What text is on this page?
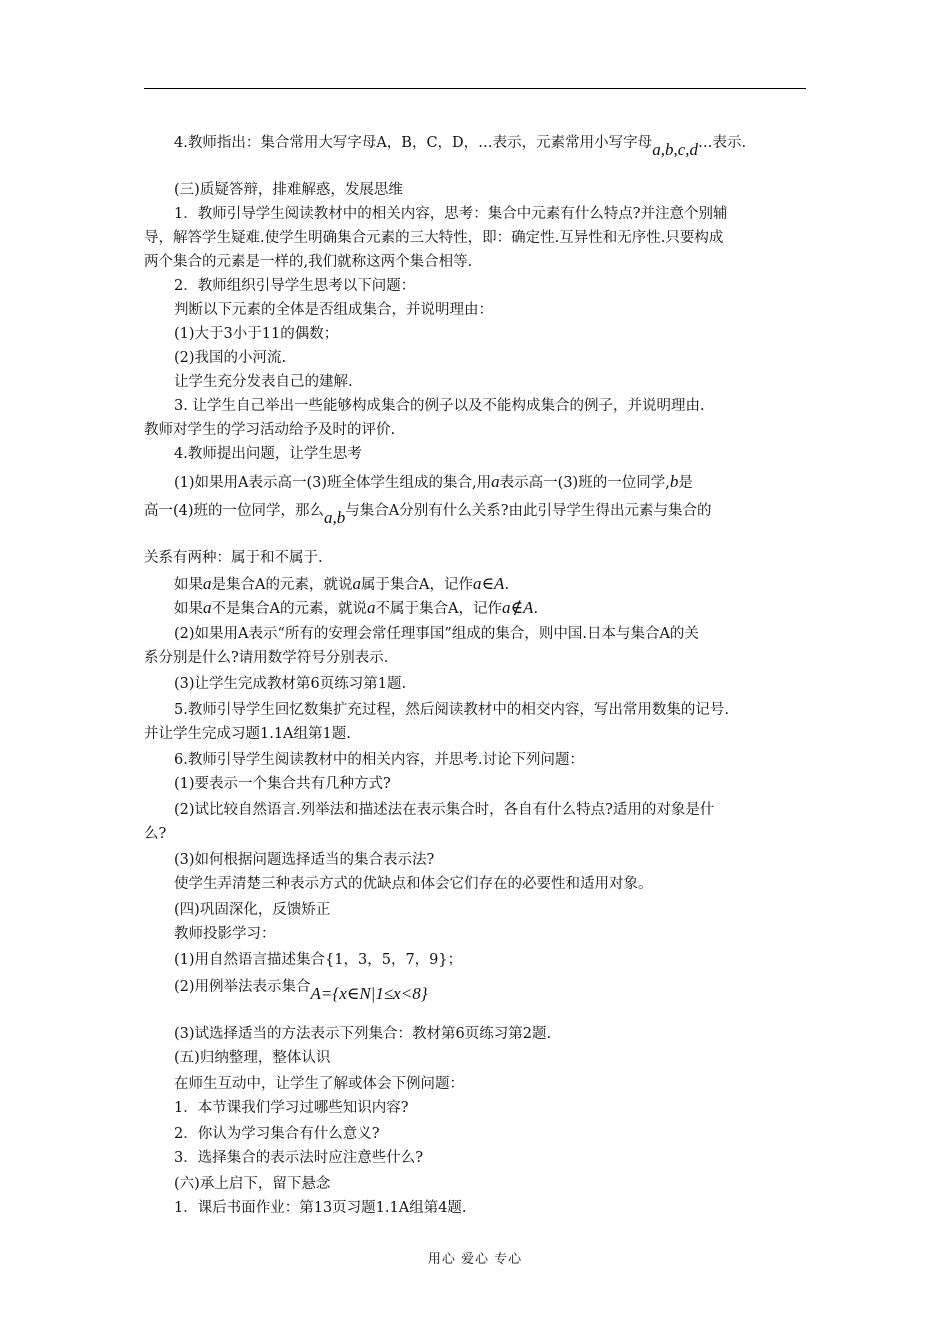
4.教师指出：集合常用大写字母A，B，C，D，…表示，元素常用小写字母a,b,c,d…表示.
(三)质疑答辩，排难解惑，发展思维
1．教师引导学生阅读教材中的相关内容，思考：集合中元素有什么特点?并注意个别辅
导，解答学生疑难.使学生明确集合元素的三大特性，即：确定性.互异性和无序性.只要构成
两个集合的元素是一样的,我们就称这两个集合相等.
2．教师组织引导学生思考以下问题：
判断以下元素的全体是否组成集合，并说明理由：
(1)大于3小于11的偶数；
(2)我国的小河流.
让学生充分发表自己的建解.
3. 让学生自己举出一些能够构成集合的例子以及不能构成集合的例子，并说明理由.
教师对学生的学习活动给予及时的评价.
4.教师提出问题，让学生思考
(1)如果用A表示高一(3)班全体学生组成的集合,用a表示高一(3)班的一位同学,b是
高一(4)班的一位同学，那么a,b与集合A分别有什么关系?由此引导学生得出元素与集合的
关系有两种：属于和不属于.
如果a是集合A的元素，就说a属于集合A，记作a∈A.
如果a不是集合A的元素，就说a不属于集合A，记作a∉A.
(2)如果用A表示“所有的安理会常任理事国”组成的集合，则中国.日本与集合A的关
系分别是什么?请用数学符号分别表示.
(3)让学生完成教材第6页练习第1题.
5.教师引导学生回忆数集扩充过程，然后阅读教材中的相交内容，写出常用数集的记号.
并让学生完成习题1.1A组第1题.
6.教师引导学生阅读教材中的相关内容，并思考.讨论下列问题：
(1)要表示一个集合共有几种方式?
(2)试比较自然语言.列举法和描述法在表示集合时，各自有什么特点?适用的对象是什
么?
(3)如何根据问题选择适当的集合表示法?
使学生弄清楚三种表示方式的优缺点和体会它们存在的必要性和适用对象。
(四)巩固深化，反馈矫正
教师投影学习：
(1)用自然语言描述集合{1，3，5，7，9}；
(2)用例举法表示集合A={x∈N|1≤x<8}
(3)试选择适当的方法表示下列集合：教材第6页练习第2题.
(五)归纳整理，整体认识
在师生互动中，让学生了解或体会下例问题：
1．本节课我们学习过哪些知识内容?
2．你认为学习集合有什么意义?
3．选择集合的表示法时应注意些什么?
(六)承上启下，留下悬念
1．课后书面作业：第13页习题1.1A组第4题.
用心 爱心 专心
